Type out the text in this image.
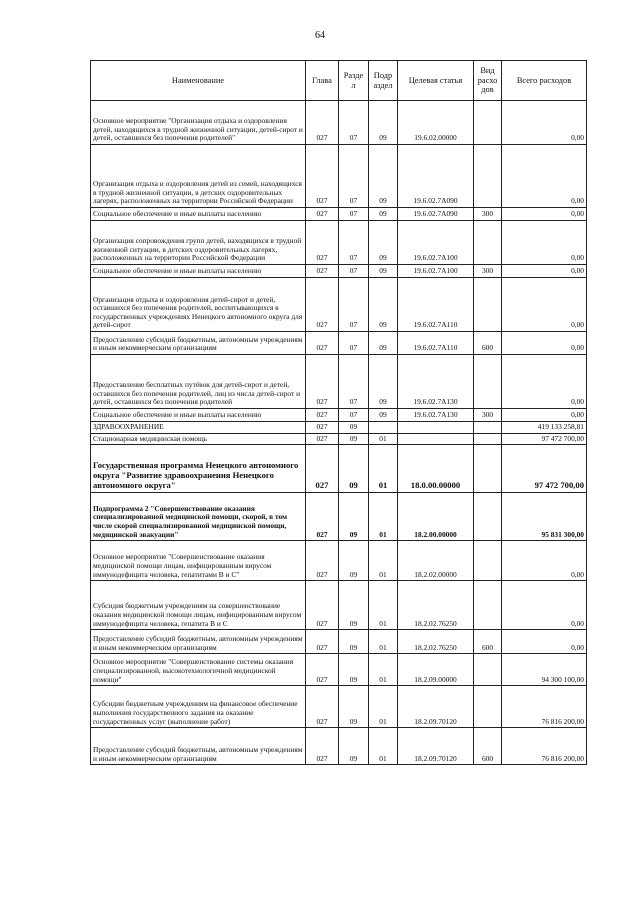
64
Наименование	Глава	Разде л	Подр аздел	Целевая статья	Вид расхо дов	Всего расходов
Основное мероприятие "Организация отдыха и оздоровления детей, находящихся в трудной жизненной ситуации, детей-сирот и детей, оставшихся без попечения родителей"	027	07	09	19.6.02.00000		0,00
Организация отдыха и оздоровления детей из семей, находящихся в трудной жизненной ситуации, в детских оздоровительных лагерях, расположенных на территории Российской Федерации	027	07	09	19.6.02.7А090		0,00
Социальное обеспечение и иные выплаты населению	027	07	09	19.6.02.7А090	300	0,00
Организация сопровождения групп детей, находящихся в трудной жизненной ситуации, в детских оздоровительных лагерях, расположенных на территории Российской Федерации	027	07	09	19.6.02.7А100		0,00
Социальное обеспечение и иные выплаты населению	027	07	09	19.6.02.7А100	300	0,00
Организация отдыха и оздоровления детей-сирот и детей, оставшихся без попечения родителей, воспитывающихся в государственных учреждениях Ненецкого автономного округа для детей-сирот	027	07	09	19.6.02.7А110		0,00
Предоставление субсидий бюджетным, автономным учреждениям и иным некоммерческим организациям	027	07	09	19.6.02.7А110	600	0,00
Предоставление бесплатных путёвок для детей-сирот и детей, оставшихся без попечения родителей, лиц из числа детей-сирот и детей, оставшихся без попечения родителей	027	07	09	19.6.02.7А130		0,00
Социальное обеспечение и иные выплаты населению	027	07	09	19.6.02.7А130	300	0,00
ЗДРАВООХРАНЕНИЕ	027	09				419 133 258,81
Стационарная медицинская помощь	027	09	01			97 472 700,00
Государственная программа Ненецкого автономного округа "Развитие здравоохранения Ненецкого автономного округа"	027	09	01	18.0.00.00000		97 472 700,00
Подпрограмма 2 "Совершенствование оказания специализированной медицинской помощи, скорой, в том числе скорой специализированной медицинской помощи, медицинской эвакуации"	027	09	01	18.2.00.00000		95 831 300,00
Основное мероприятие "Совершенствование оказания медицинской помощи лицам, инфицированным вирусом иммунодефицита человека, гепатитами В и С"	027	09	01	18.2.02.00000		0,00
Субсидия бюджетным учреждениям на совершенствование оказания медицинской помощи лицам, инфицированным вирусом иммунодефицита человека, гепатита В и С	027	09	01	18.2.02.76250		0,00
Предоставление субсидий бюджетным, автономным учреждениям и иным некоммерческим организациям	027	09	01	18.2.02.76250	600	0,00
Основное мероприятие "Совершенствование системы оказания специализированной, высокотехнологичной медицинской помощи"	027	09	01	18.2.09.00000		94 300 100,00
Субсидии бюджетным учреждениям на финансовое обеспечение выполнения государственного задания на оказание государственных услуг (выполнение работ)	027	09	01	18.2.09.70120		76 816 200,00
Предоставление субсидий бюджетным, автономным учреждениям и иным некоммерческим организациям	027	09	01	18.2.09.70120	600	76 816 200,00
